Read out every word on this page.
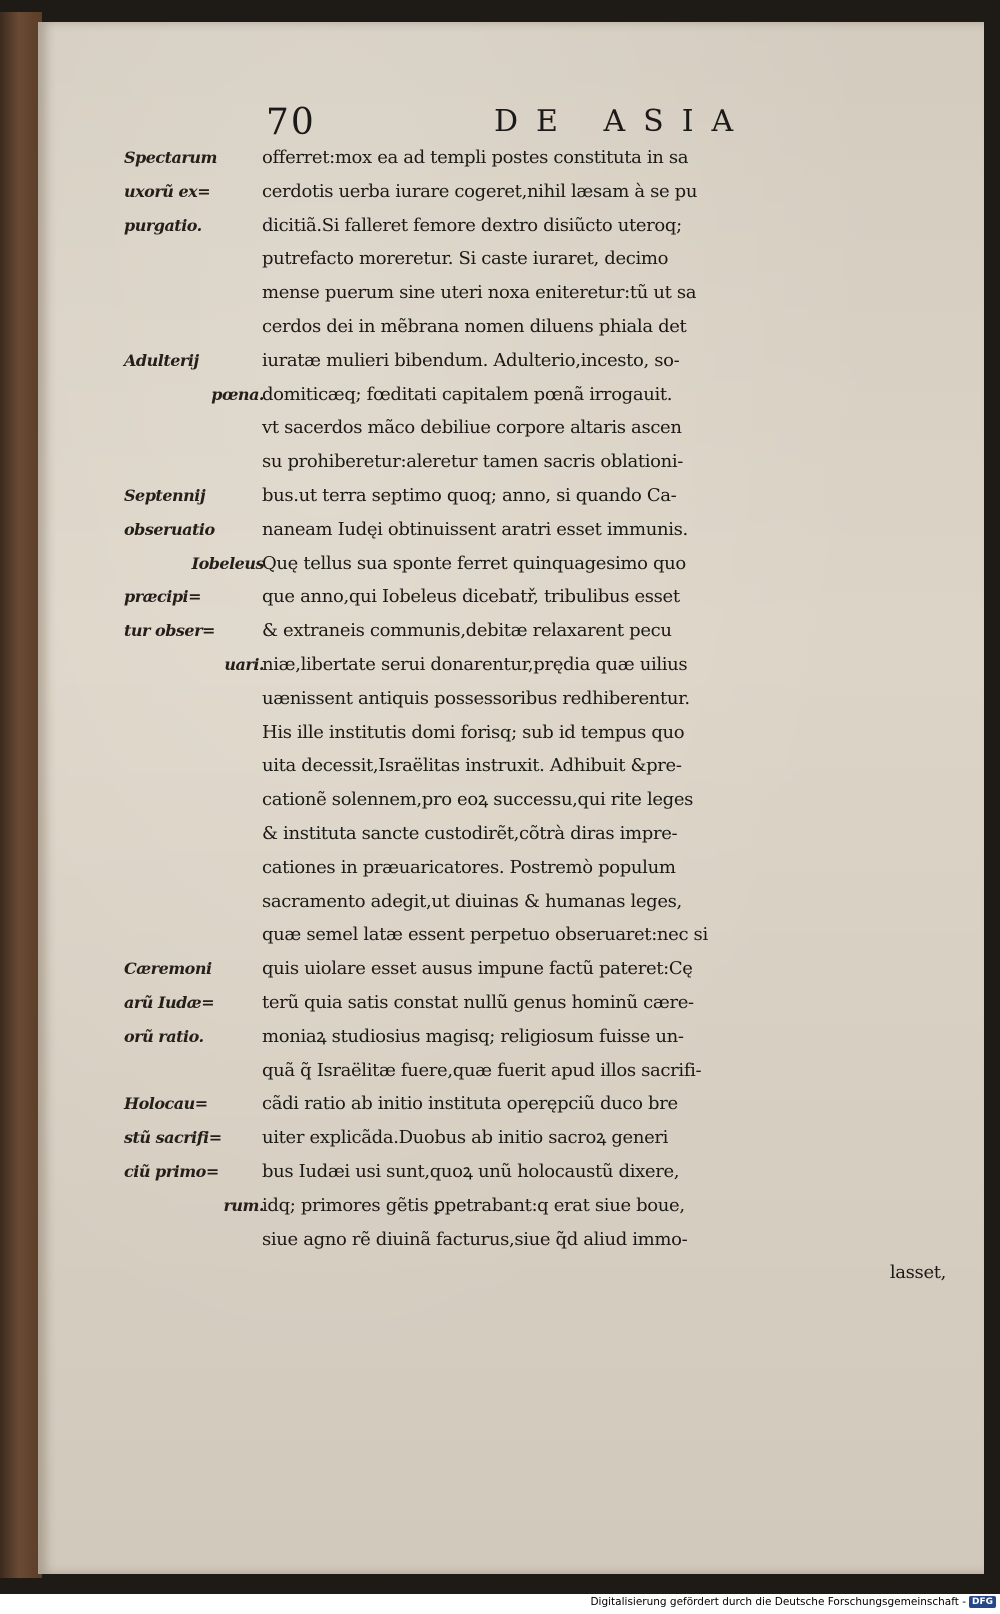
70	DE ASIA
Spectarum
uxorũ ex=
purgatio.
Adulterij
pœna.
Septennij
obseruatio
Iobeleus
præcipi=
tur obser=
uari.
Cæremoni
arũ Iudæ=
orũ ratio.
Holocau=
stũ sacrifi=
ciũ primo=
rum.
offerret:mox ea ad templi postes constituta in sa
cerdotis uerba iurare cogeret,nihil læsam à se pu
dicitiã.Si falleret femore dextro disiũcto uteroq;
putrefacto moreretur. Si caste iuraret, decimo
mense puerum sine uteri noxa eniteretur:tũ ut sa
cerdos dei in mẽbrana nomen diluens phiala det
iuratæ mulieri bibendum. Adulterio,incesto, so-
domiticæq; fœditati capitalem pœnã irrogauit.
vt sacerdos mãco debiliue corpore altaris ascen
su prohiberetur:aleretur tamen sacris oblationi-
bus.ut terra septimo quoq; anno, si quando Ca-
naneam Iudęi obtinuissent aratri esset immunis.
Quę tellus sua sponte ferret quinquagesimo quo
que anno,qui Iobeleus dicebatř, tribulibus esset
& extraneis communis,debitæ relaxarent pecu
niæ,libertate serui donarentur,prędia quæ uilius
uænissent antiquis possessoribus redhiberentur.
His ille institutis domi forisq; sub id tempus quo
uita decessit,Israëlitas instruxit. Adhibuit &pre-
cationẽ solennem,pro eoꝝ successu,qui rite leges
& instituta sancte custodirẽt,cõtrà diras impre-
cationes in præuaricatores. Postremò populum
sacramento adegit,ut diuinas & humanas leges,
quæ semel latæ essent perpetuo obseruaret:nec si
quis uiolare esset ausus impune factũ pateret:Cę
terũ quia satis constat nullũ genus hominũ cære-
moniaꝝ studiosius magisq; religiosum fuisse un-
quã q̃ Israëlitæ fuere,quæ fuerit apud illos sacrifi-
cãdi ratio ab initio instituta operępciũ duco bre
uiter explicãda.Duobus ab initio sacroꝝ generi
bus Iudæi usi sunt,quoꝝ unũ holocaustũ dixere,
idq; primores gẽtis ꝑpetrabant:q erat siue boue,
siue agno rẽ diuinã facturus,siue q̃d aliud immo-
lasset,
Digitalisierung gefördert durch die Deutsche Forschungsgemeinschaft - DFG
